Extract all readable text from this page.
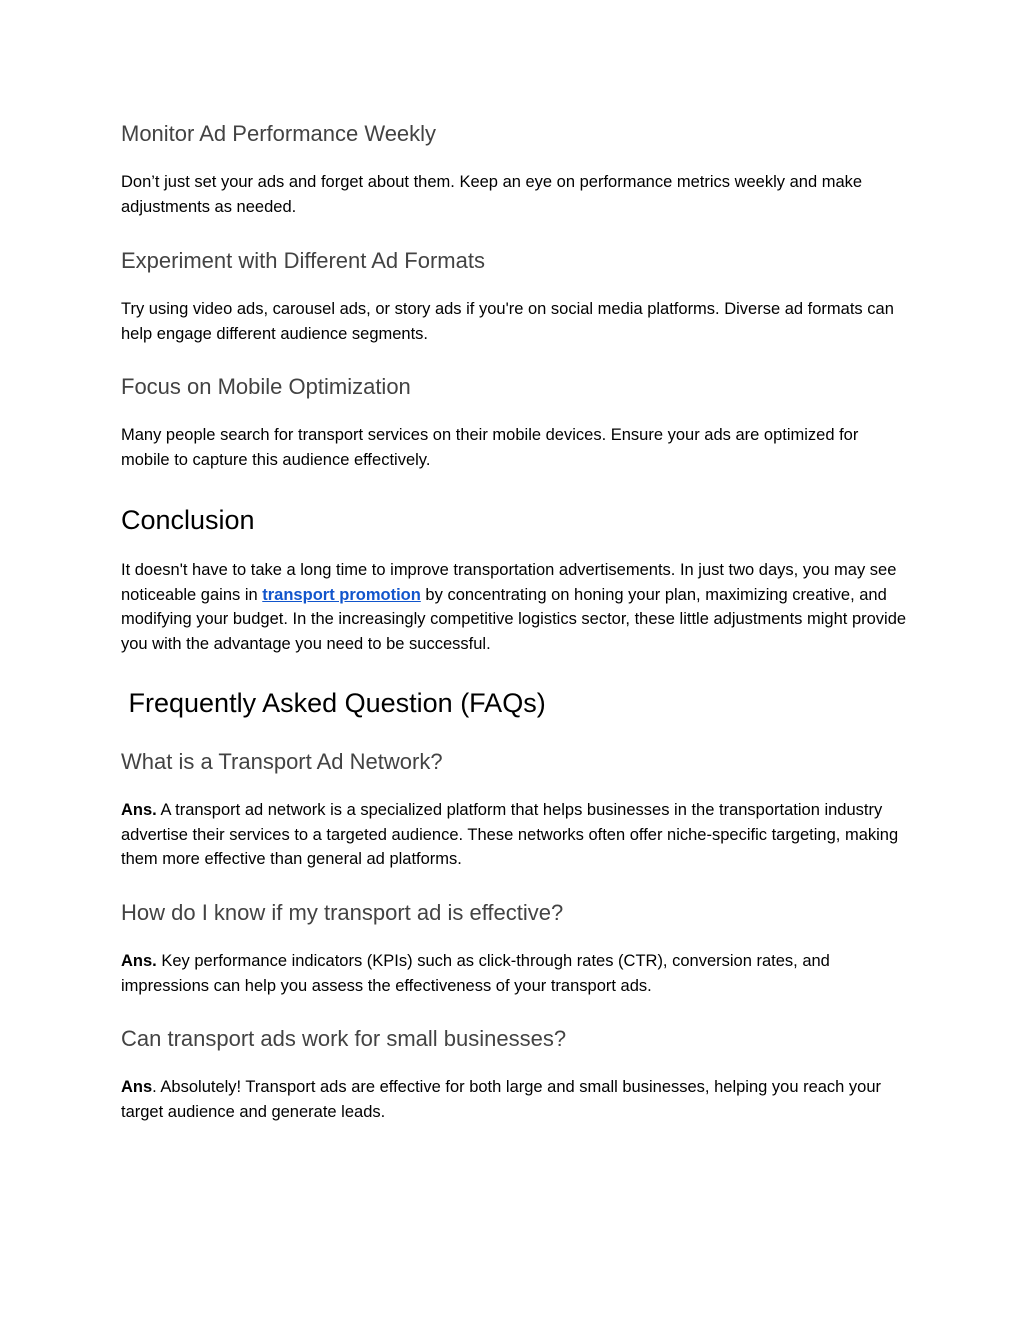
Monitor Ad Performance Weekly

Don’t just set your ads and forget about them. Keep an eye on performance metrics weekly and make adjustments as needed.

Experiment with Different Ad Formats

Try using video ads, carousel ads, or story ads if you're on social media platforms. Diverse ad formats can help engage different audience segments.

Focus on Mobile Optimization

Many people search for transport services on their mobile devices. Ensure your ads are optimized for mobile to capture this audience effectively.

Conclusion

It doesn't have to take a long time to improve transportation advertisements. In just two days, you may see noticeable gains in transport promotion by concentrating on honing your plan, maximizing creative, and modifying your budget. In the increasingly competitive logistics sector, these little adjustments might provide you with the advantage you need to be successful.

Frequently Asked Question (FAQs)
What is a Transport Ad Network?

Ans. A transport ad network is a specialized platform that helps businesses in the transportation industry advertise their services to a targeted audience. These networks often offer niche-specific targeting, making them more effective than general ad platforms.

How do I know if my transport ad is effective?

Ans. Key performance indicators (KPIs) such as click-through rates (CTR), conversion rates, and impressions can help you assess the effectiveness of your transport ads.

Can transport ads work for small businesses?

Ans. Absolutely! Transport ads are effective for both large and small businesses, helping you reach your target audience and generate leads.
